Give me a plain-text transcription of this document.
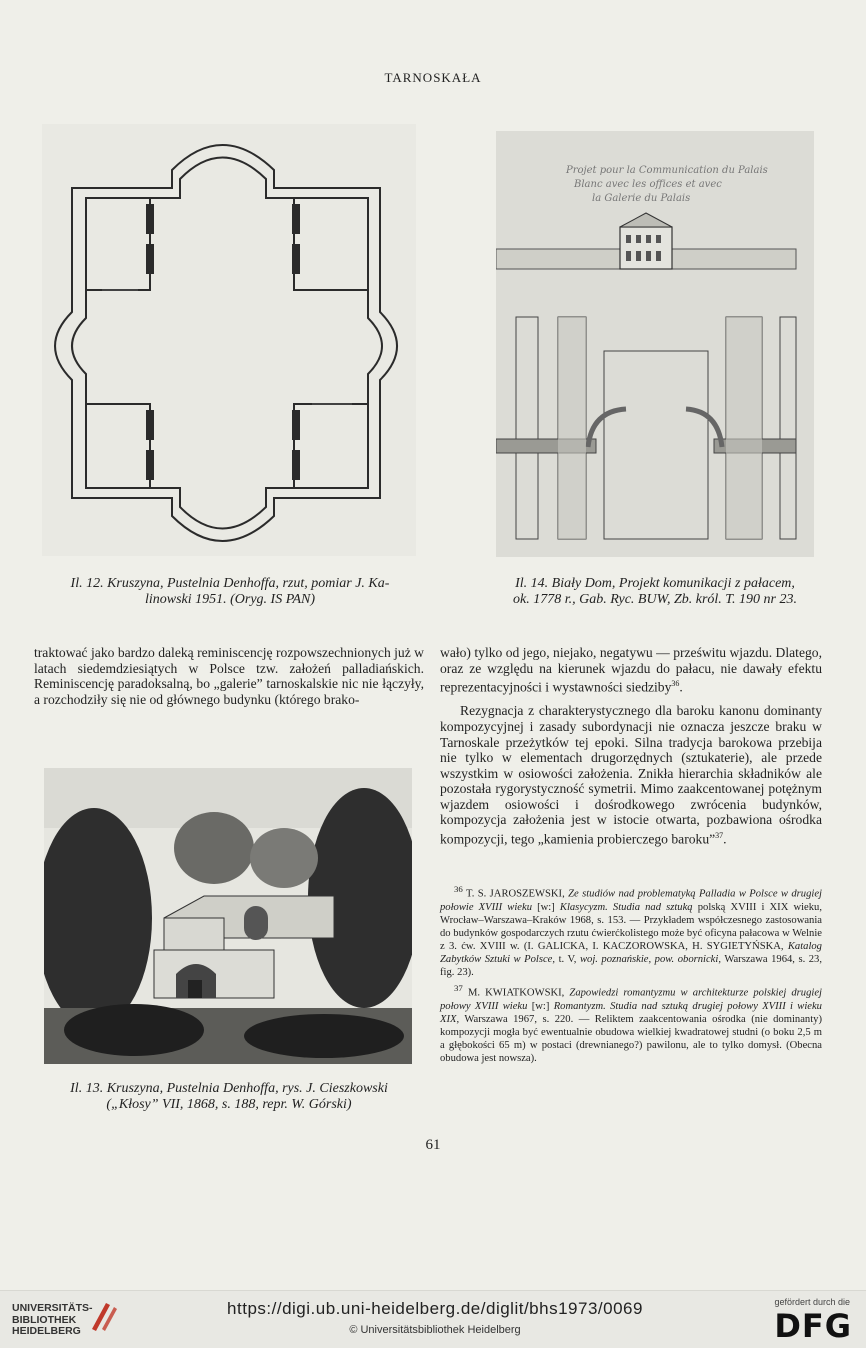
TARNOSKAŁA
Il. 12. Kruszyna, Pustelnia Denhoffa, rzut, pomiar J. Ka-
linowski 1951. (Oryg. IS PAN)
Projet pour la Communication du Palais
Blanc avec les offices et avec
la Galerie du Palais
Il. 14. Biały Dom, Projekt komunikacji z pałacem,
ok. 1778 r., Gab. Ryc. BUW, Zb. król. T. 190 nr 23.

traktować jako bardzo daleką reminiscencję rozpowszechnionych już w latach siedemdziesiątych w Polsce tzw. założeń palladiańskich. Reminiscencję paradoksalną, bo „galerie” tarnoskalskie nic nie łączyły, a rozchodziły się nie od głównego budynku (którego brako-

Il. 13. Kruszyna, Pustelnia Denhoffa, rys. J. Cieszkowski
(„Kłosy” VII, 1868, s. 188, repr. W. Górski)

wało) tylko od jego, niejako, negatywu — prześwitu wjazdu. Dlatego, oraz ze względu na kierunek wjazdu do pałacu, nie dawały efektu reprezentacyjności i wystawności siedziby$^{36}$.

Rezygnacja z charakterystycznego dla baroku kanonu dominanty kompozycyjnej i zasady subordynacji nie oznacza jeszcze braku w Tarnoskale przeżytków tej epoki. Silna tradycja barokowa przebija nie tylko w elementach drugorzędnych (sztukaterie), ale przede wszystkim w osiowości założenia. Znikła hierarchia składników ale pozostała rygorystyczność symetrii. Mimo zaakcentowanej potężnym wjazdem osiowości i dośrodkowego zwrócenia budynków, kompozycja założenia jest w istocie otwarta, pozbawiona ośrodka kompozycji, tego „kamienia probierczego baroku”$^{37}$.

$^{36}$ T. S. JAROSZEWSKI, Ze studiów nad problematyką Palladia w Polsce w drugiej połowie XVIII wieku [w:] Klasycyzm. Studia nad sztuką polską XVIII i XIX wieku, Wrocław–Warszawa–Kraków 1968, s. 153. — Przykładem współczesnego zastosowania do budynków gospodarczych rzutu ćwierćkolistego może być oficyna pałacowa w Welnie z 3. ćw. XVIII w. (I. GALICKA, I. KACZOROWSKA, H. SYGIETYŃSKA, Katalog Zabytków Sztuki w Polsce, t. V, woj. poznańskie, pow. obornicki, Warszawa 1964, s. 23, fig. 23).

$^{37}$ M. KWIATKOWSKI, Zapowiedzi romantyzmu w architekturze polskiej drugiej połowy XVIII wieku [w:] Romantyzm. Studia nad sztuką drugiej połowy XVIII i wieku XIX, Warszawa 1967, s. 220. — Reliktem zaakcentowania ośrodka (nie dominanty) kompozycji mogła być ewentualnie obudowa wielkiej kwadratowej studni (o boku 2,5 m a głębokości 65 m) w postaci (drewnianego?) pawilonu, ale to tylko domysł. (Obecna obudowa jest nowsza).

61
UNIVERSITÄTS-
BIBLIOTHEK
HEIDELBERG
https://digi.ub.uni-heidelberg.de/diglit/bhs1973/0069
© Universitätsbibliothek Heidelberg
gefördert durch die
DFG
